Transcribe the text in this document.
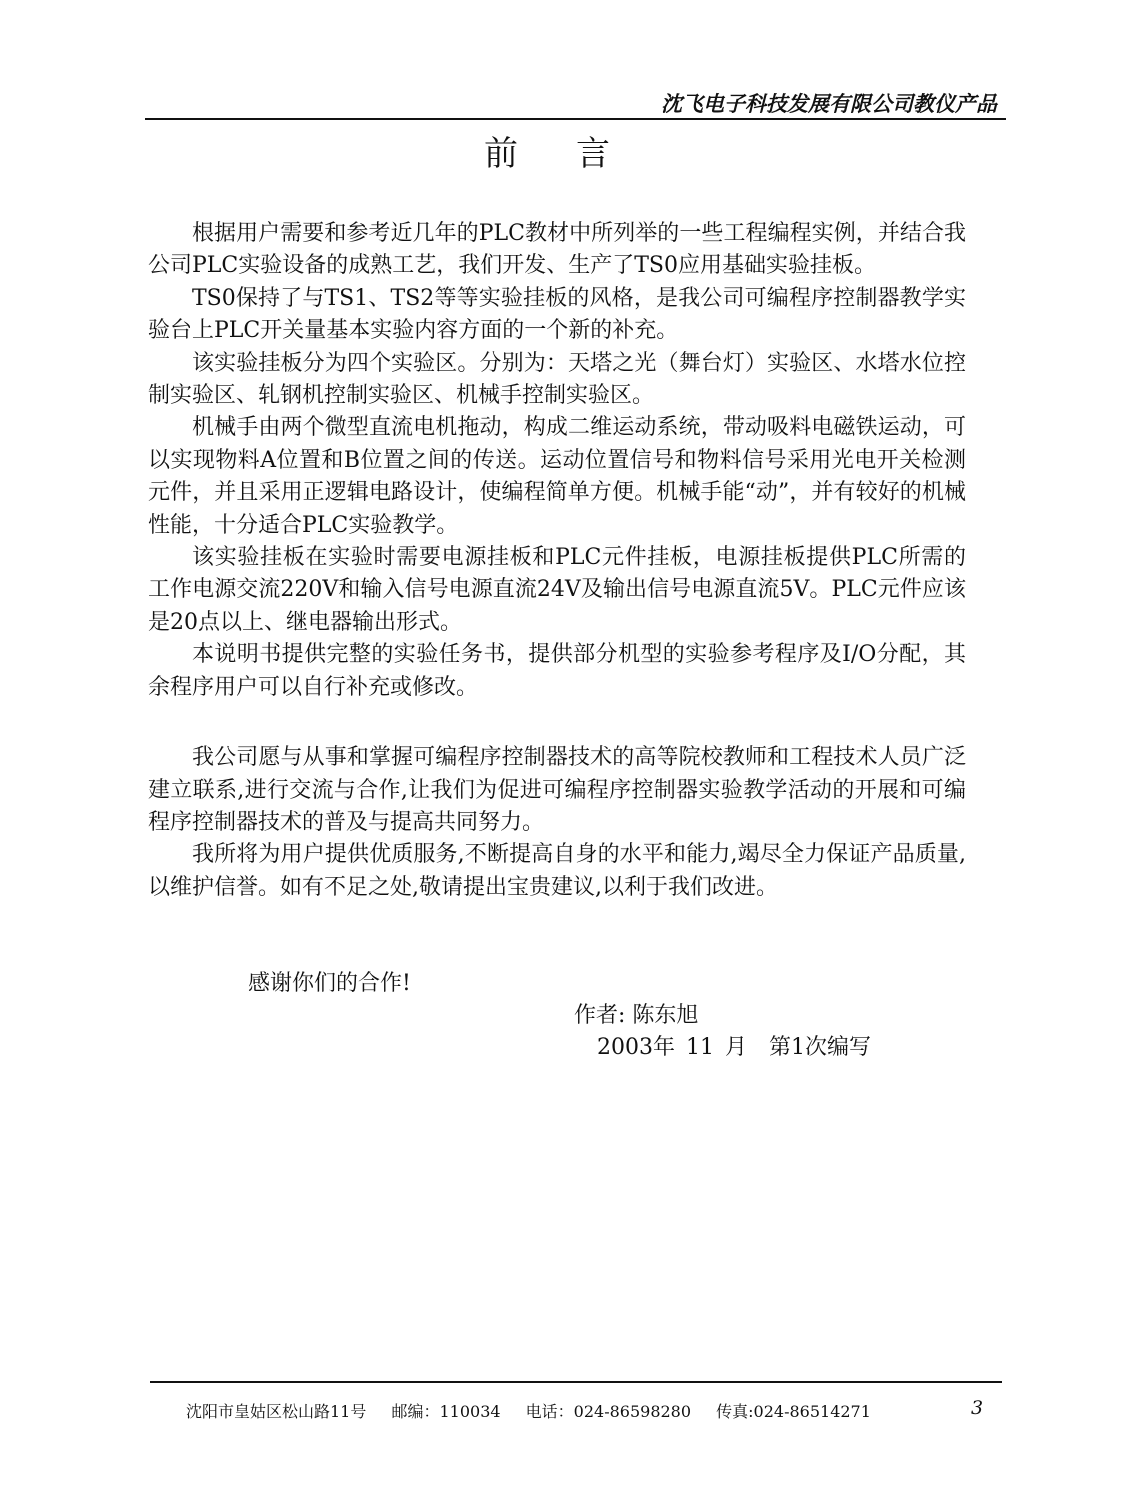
沈飞电子科技发展有限公司教仪产品
前言

根据用户需要和参考近几年的PLC教材中所列举的一些工程编程实例，并结合我公司PLC实验设备的成熟工艺，我们开发、生产了TS0应用基础实验挂板。

TS0保持了与TS1、TS2等等实验挂板的风格，是我公司可编程序控制器教学实验台上PLC开关量基本实验内容方面的一个新的补充。

该实验挂板分为四个实验区。分别为：天塔之光（舞台灯）实验区、水塔水位控制实验区、轧钢机控制实验区、机械手控制实验区。

机械手由两个微型直流电机拖动，构成二维运动系统，带动吸料电磁铁运动，可以实现物料A位置和B位置之间的传送。运动位置信号和物料信号采用光电开关检测元件，并且采用正逻辑电路设计，使编程简单方便。机械手能“动”，并有较好的机械性能，十分适合PLC实验教学。

该实验挂板在实验时需要电源挂板和PLC元件挂板，电源挂板提供PLC所需的工作电源交流220V和输入信号电源直流24V及输出信号电源直流5V。PLC元件应该是20点以上、继电器输出形式。

本说明书提供完整的实验任务书，提供部分机型的实验参考程序及I/O分配，其余程序用户可以自行补充或修改。

我公司愿与从事和掌握可编程序控制器技术的高等院校教师和工程技术人员广泛建立联系,进行交流与合作,让我们为促进可编程序控制器实验教学活动的开展和可编程序控制器技术的普及与提高共同努力。

我所将为用户提供优质服务,不断提高自身的水平和能力,竭尽全力保证产品质量,以维护信誉。如有不足之处,敬请提出宝贵建议,以利于我们改进。

感谢你们的合作!
作者: 陈东旭
2003年 11 月　第1次编写
沈阳市皇姑区松山路11号 邮编：110034 电话：024-86598280 传真:024-86514271	3
